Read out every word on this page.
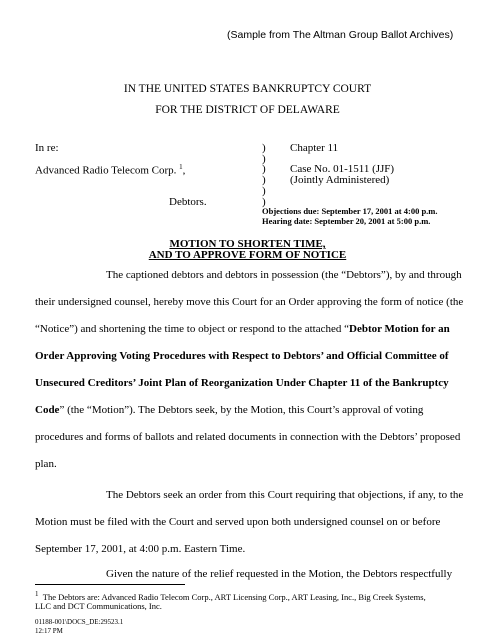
(Sample from The Altman Group Ballot Archives)
IN THE UNITED STATES BANKRUPTCY COURT
FOR THE DISTRICT OF DELAWARE
In re:
Advanced Radio Telecom Corp. $^1$,
Debtors.
)
)
)
)
)
)
Chapter 11
Case No. 01-1511 (JJF)
(Jointly Administered)
Objections due: September 17, 2001 at 4:00 p.m.
Hearing date: September 20, 2001 at 5:00 p.m.
MOTION TO SHORTEN TIME,
AND TO APPROVE FORM OF NOTICE
The captioned debtors and debtors in possession (the “Debtors”), by and through
their undersigned counsel, hereby move this Court for an Order approving the form of notice (the
“Notice”) and shortening the time to object or respond to the attached “Debtor Motion for an
Order Approving Voting Procedures with Respect to Debtors’ and Official Committee of
Unsecured Creditors’ Joint Plan of Reorganization Under Chapter 11 of the Bankruptcy
Code” (the “Motion”). The Debtors seek, by the Motion, this Court’s approval of voting
procedures and forms of ballots and related documents in connection with the Debtors’ proposed
plan.
The Debtors seek an order from this Court requiring that objections, if any, to the
Motion must be filed with the Court and served upon both undersigned counsel on or before
September 17, 2001, at 4:00 p.m. Eastern Time.
Given the nature of the relief requested in the Motion, the Debtors respectfully
$^1$ The Debtors are: Advanced Radio Telecom Corp., ART Licensing Corp., ART Leasing, Inc., Big Creek Systems,
LLC and DCT Communications, Inc.
01188-001\DOCS_DE:29523.1
12:17 PM
